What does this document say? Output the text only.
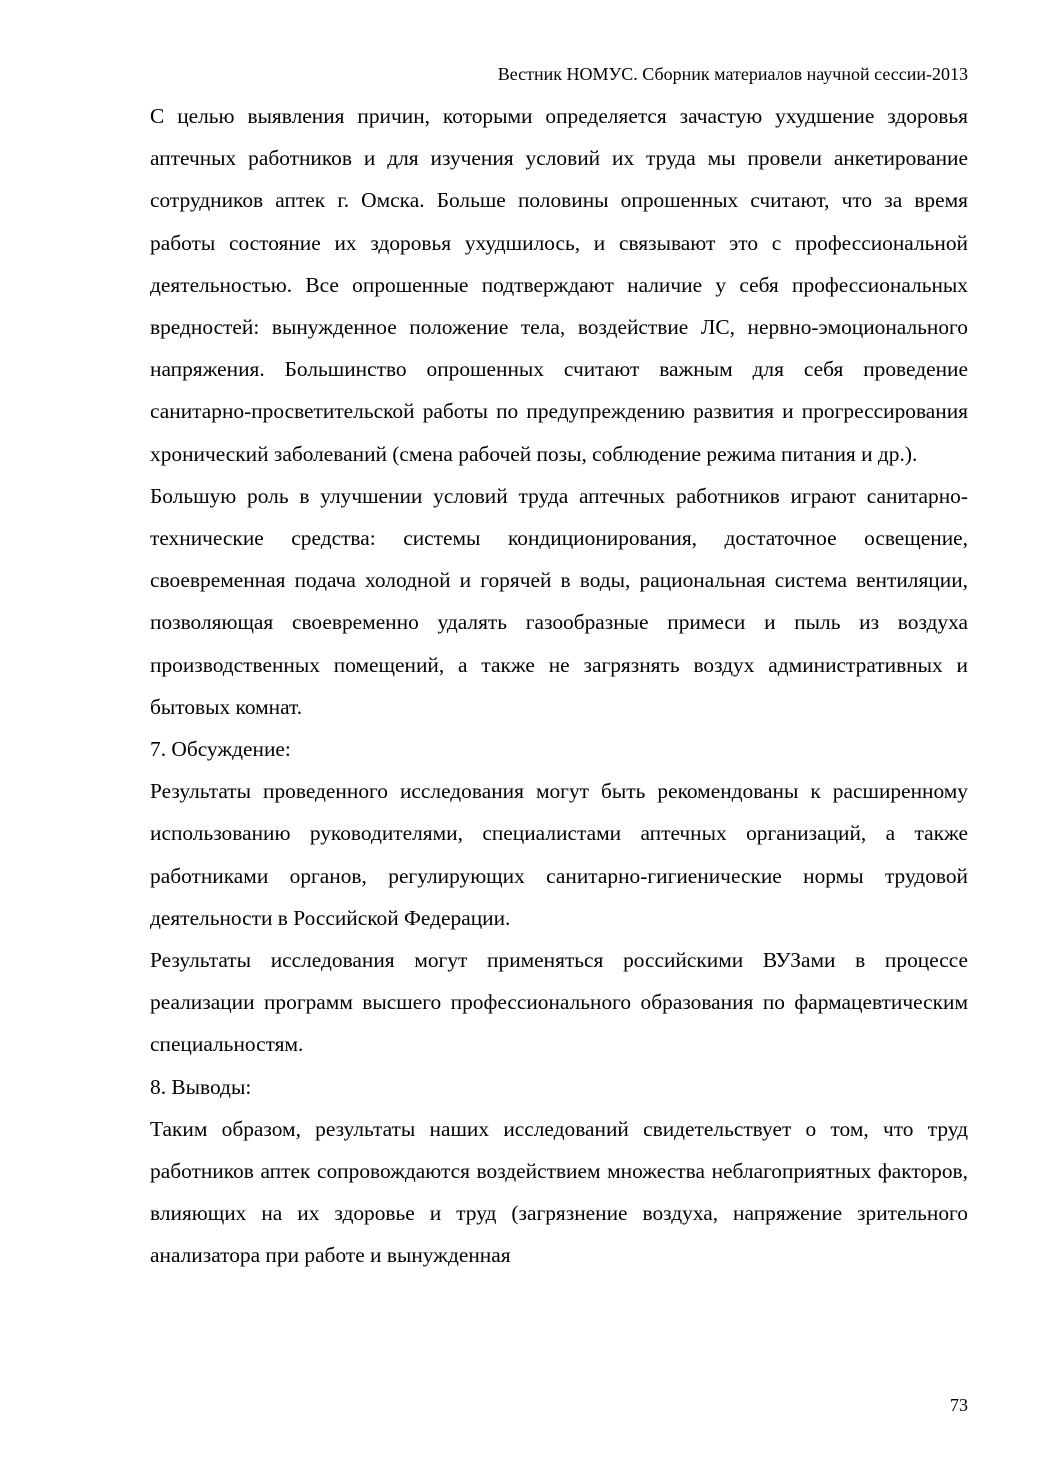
Вестник НОМУС. Сборник материалов научной сессии-2013

С целью выявления причин, которыми определяется зачастую ухудшение здоровья аптечных работников и для изучения условий их труда мы провели анкетирование сотрудников аптек г. Омска. Больше половины опрошенных считают, что за время работы состояние их здоровья ухудшилось, и связывают это с профессиональной деятельностью. Все опрошенные подтверждают наличие у себя профессиональных вредностей: вынужденное положение тела, воздействие ЛС, нервно-эмоционального напряжения. Большинство опрошенных считают важным для себя проведение санитарно-просветительской работы по предупреждению развития и прогрессирования хронический заболеваний (смена рабочей позы, соблюдение режима питания и др.).

Большую роль в улучшении условий труда аптечных работников играют санитарно-технические средства: системы кондиционирования, достаточное освещение, своевременная подача холодной и горячей в воды, рациональная система вентиляции, позволяющая своевременно удалять газообразные примеси и пыль из воздуха производственных помещений, а также не загрязнять воздух административных и бытовых комнат.

7. Обсуждение:

Результаты проведенного исследования могут быть рекомендованы к расширенному использованию руководителями, специалистами аптечных организаций, а также работниками органов, регулирующих санитарно-гигиенические нормы трудовой деятельности в Российской Федерации.

Результаты исследования могут применяться российскими ВУЗами в процессе реализации программ высшего профессионального образования по фармацевтическим специальностям.

8. Выводы:

Таким образом, результаты наших исследований свидетельствует о том, что труд работников аптек сопровождаются воздействием множества неблагоприятных факторов, влияющих на их здоровье и труд (загрязнение воздуха, напряжение зрительного анализатора при работе и вынужденная

73
